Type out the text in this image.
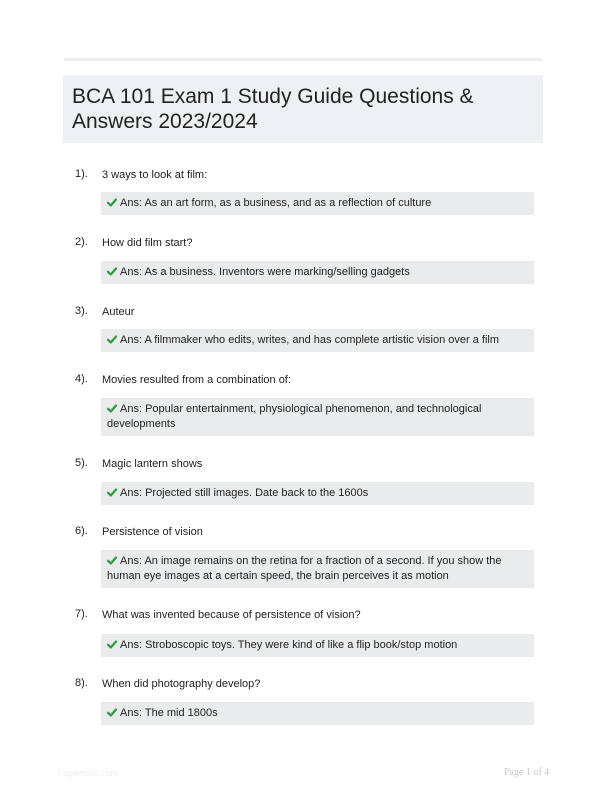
BCA 101 Exam 1 Study Guide Questions &
Answers 2023/2024
1). 3 ways to look at film:
Ans: As an art form, as a business, and as a reflection of culture
2). How did film start?
Ans: As a business. Inventors were marking/selling gadgets
3). Auteur
Ans: A filmmaker who edits, writes, and has complete artistic vision over a film
4). Movies resulted from a combination of:
Ans: Popular entertainment, physiological phenomenon, and technological developments
5). Magic lantern shows
Ans: Projected still images. Date back to the 1600s
6). Persistence of vision
Ans: An image remains on the retina for a fraction of a second. If you show the human eye images at a certain speed, the brain perceives it as motion
7). What was invented because of persistence of vision?
Ans: Stroboscopic toys. They were kind of like a flip book/stop motion
8). When did photography develop?
Ans: The mid 1800s
Paperfolio.com	Page 1 of 4
